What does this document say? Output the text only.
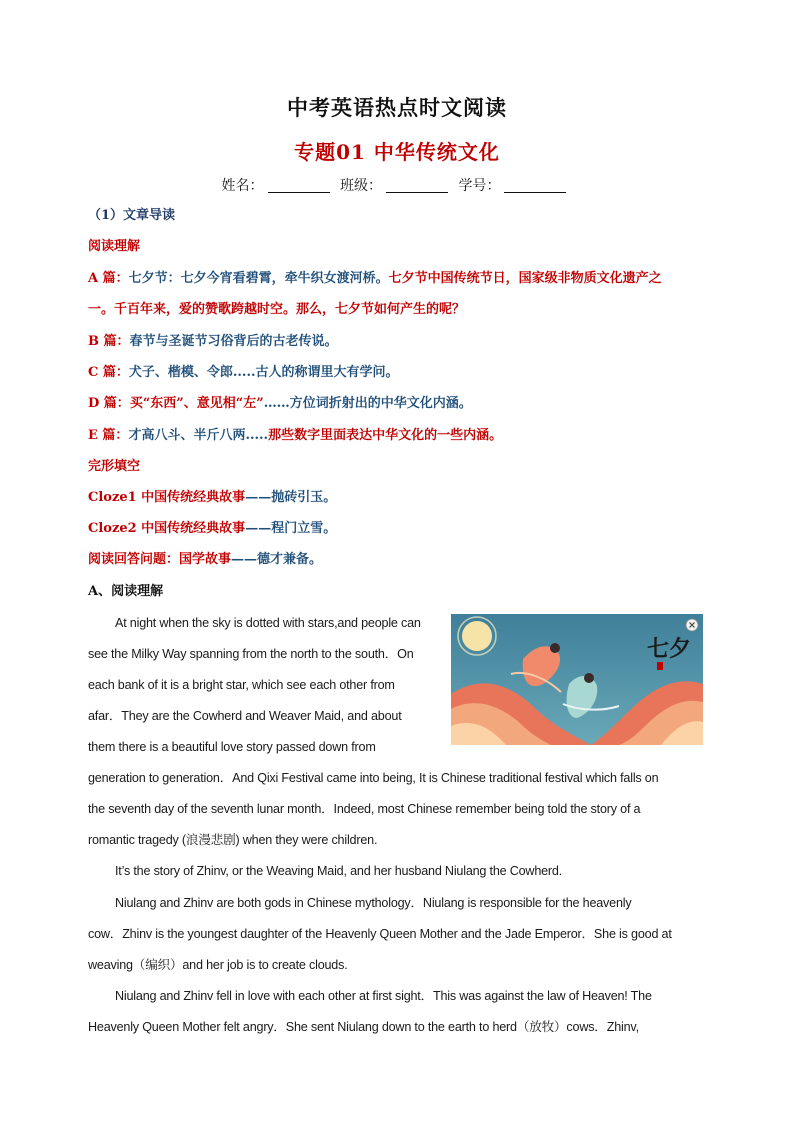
中考英语热点时文阅读
专题01 中华传统文化
姓名：	班级：	学号：
（1）文章导读
阅读理解
A 篇：七夕节：七夕今宵看碧霄，牵牛织女渡河桥。七夕节中国传统节日，国家级非物质文化遗产之
一。千百年来，爱的赞歌跨越时空。那么，七夕节如何产生的呢？
B 篇：春节与圣诞节习俗背后的古老传说。
C 篇：犬子、楷模、令郎.....古人的称谓里大有学问。
D 篇：买“东西”、意见相“左”……方位词折射出的中华文化内涵。
E 篇：才高八斗、半斤八两.....那些数字里面表达中华文化的一些内涵。
完形填空
Cloze1 中国传统经典故事——抛砖引玉。
Cloze2 中国传统经典故事——程门立雪。
阅读回答问题：国学故事——德才兼备。
A、阅读理解
At night when the sky is dotted with stars,and people can
see the Milky Way spanning from the north to the south．On
each bank of it is a bright star, which see each other from
afar．They are the Cowherd and Weaver Maid, and about
them there is a beautiful love story passed down from
generation to generation．And Qixi Festival came into being, It is Chinese traditional festival which falls on
the seventh day of the seventh lunar month．Indeed, most Chinese remember being told the story of a
romantic tragedy (浪漫悲剧) when they were children.
It’s the story of Zhinv, or the Weaving Maid, and her husband Niulang the Cowherd.
Niulang and Zhinv are both gods in Chinese mythology．Niulang is responsible for the heavenly
cow．Zhinv is the youngest daughter of the Heavenly Queen Mother and the Jade Emperor．She is good at
weaving（编织）and her job is to create clouds.
Niulang and Zhinv fell in love with each other at first sight．This was against the law of Heaven! The
Heavenly Queen Mother felt angry．She sent Niulang down to the earth to herd（放牧）cows．Zhinv,
七夕
